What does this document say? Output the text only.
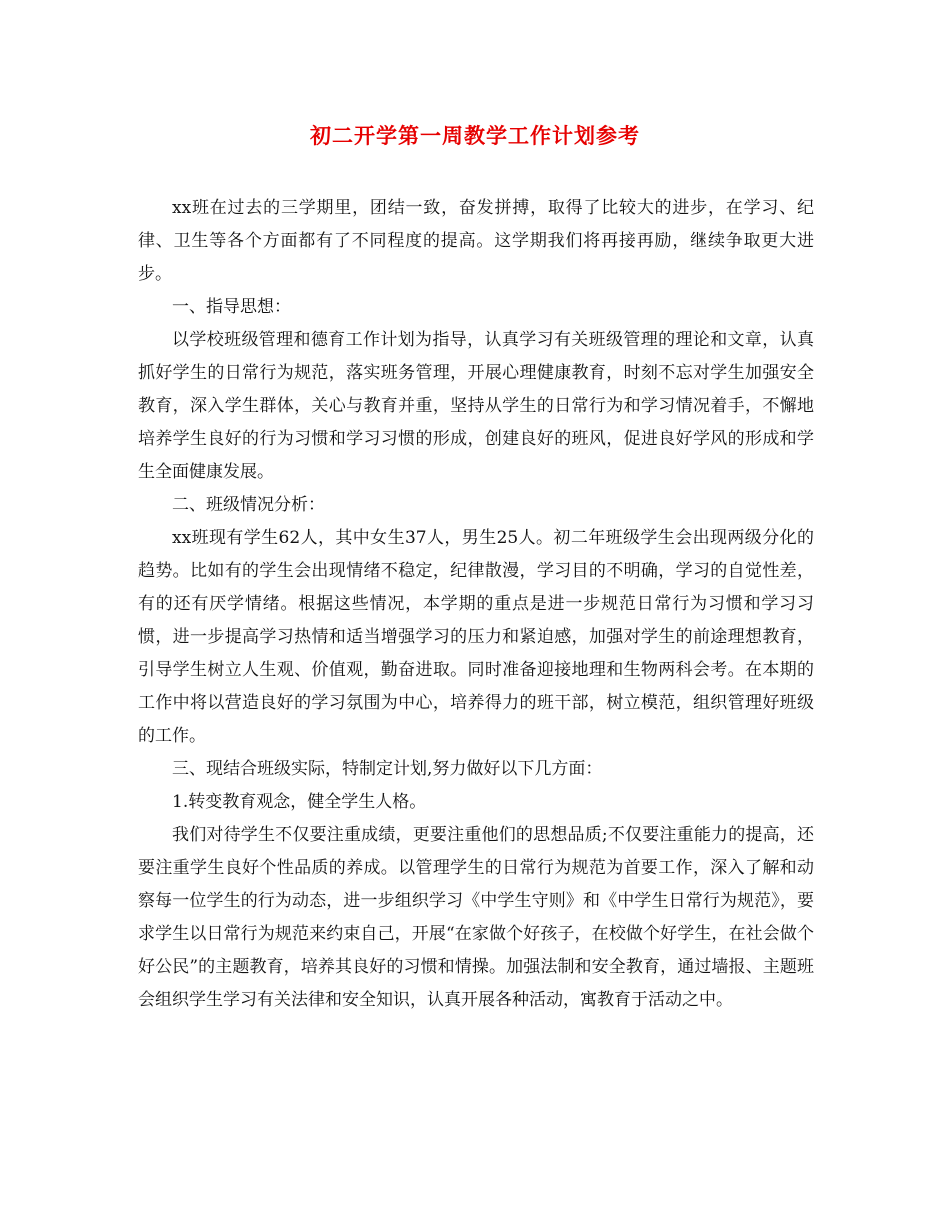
初二开学第一周教学工作计划参考

xx班在过去的三学期里，团结一致，奋发拼搏，取得了比较大的进步，在学习、纪律、卫生等各个方面都有了不同程度的提高。这学期我们将再接再励，继续争取更大进步。

一、指导思想：

以学校班级管理和德育工作计划为指导，认真学习有关班级管理的理论和文章，认真抓好学生的日常行为规范，落实班务管理，开展心理健康教育，时刻不忘对学生加强安全教育，深入学生群体，关心与教育并重，坚持从学生的日常行为和学习情况着手，不懈地培养学生良好的行为习惯和学习习惯的形成，创建良好的班风，促进良好学风的形成和学生全面健康发展。

二、班级情况分析：

xx班现有学生62人，其中女生37人，男生25人。初二年班级学生会出现两级分化的趋势。比如有的学生会出现情绪不稳定，纪律散漫，学习目的不明确，学习的自觉性差，有的还有厌学情绪。根据这些情况，本学期的重点是进一步规范日常行为习惯和学习习惯，进一步提高学习热情和适当增强学习的压力和紧迫感，加强对学生的前途理想教育，引导学生树立人生观、价值观，勤奋进取。同时准备迎接地理和生物两科会考。在本期的工作中将以营造良好的学习氛围为中心，培养得力的班干部，树立模范，组织管理好班级的工作。

三、现结合班级实际，特制定计划,努力做好以下几方面：

1.转变教育观念，健全学生人格。

我们对待学生不仅要注重成绩，更要注重他们的思想品质;不仅要注重能力的提高，还要注重学生良好个性品质的养成。以管理学生的日常行为规范为首要工作，深入了解和动察每一位学生的行为动态，进一步组织学习《中学生守则》和《中学生日常行为规范》，要求学生以日常行为规范来约束自己，开展“在家做个好孩子，在校做个好学生，在社会做个好公民”的主题教育，培养其良好的习惯和情操。加强法制和安全教育，通过墙报、主题班会组织学生学习有关法律和安全知识，认真开展各种活动，寓教育于活动之中。
